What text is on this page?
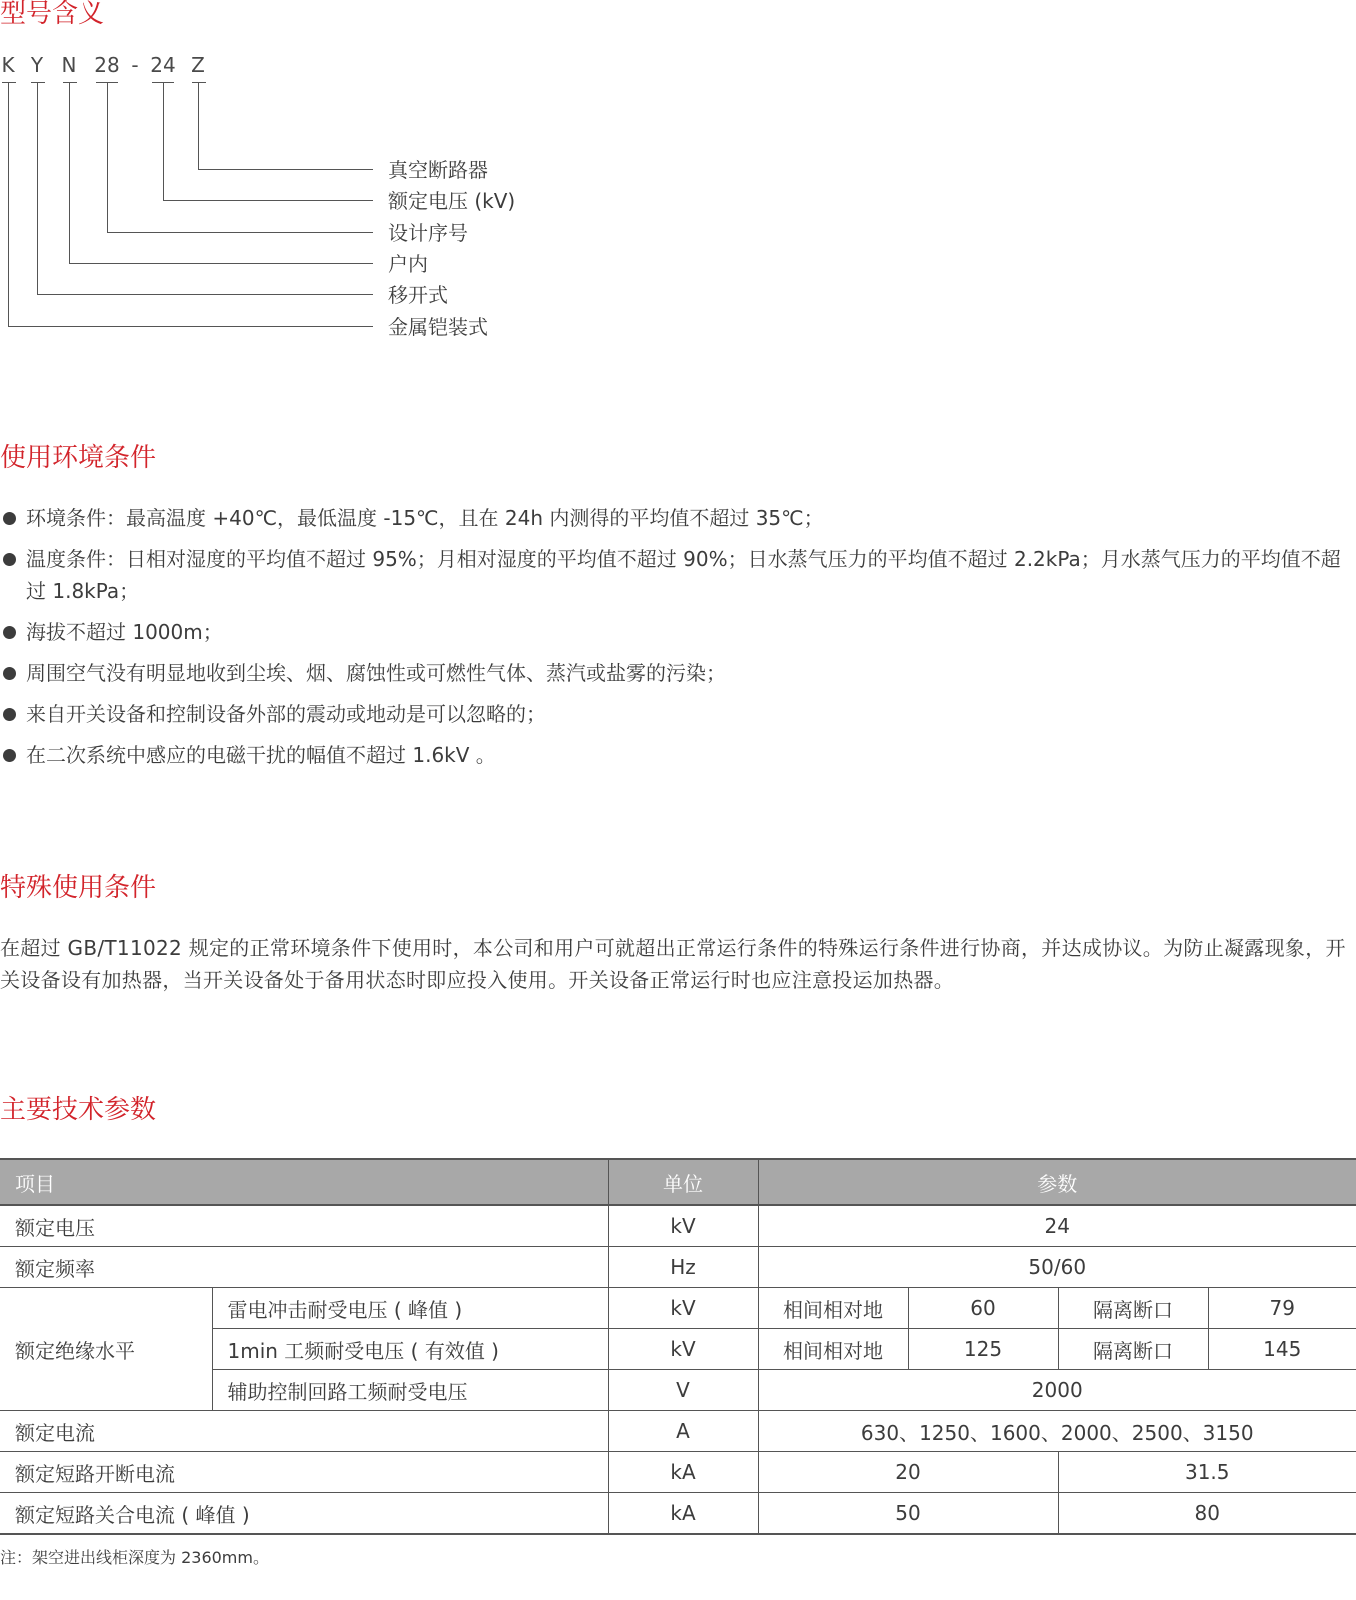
型号含义
K Y N 28 - 24 Z
真空断路器
额定电压 (kV)
设计序号
户内
移开式
金属铠装式
使用环境条件
环境条件：最高温度 +40℃，最低温度 -15℃，且在 24h 内测得的平均值不超过 35℃；
温度条件：日相对湿度的平均值不超过 95%；月相对湿度的平均值不超过 90%；日水蒸气压力的平均值不超过 2.2kPa；月水蒸气压力的平均值不超过 1.8kPa；
海拔不超过 1000m；
周围空气没有明显地收到尘埃、烟、腐蚀性或可燃性气体、蒸汽或盐雾的污染；
来自开关设备和控制设备外部的震动或地动是可以忽略的；
在二次系统中感应的电磁干扰的幅值不超过 1.6kV 。
特殊使用条件

在超过 GB/T11022 规定的正常环境条件下使用时，本公司和用户可就超出正常运行条件的特殊运行条件进行协商，并达成协议。为防止凝露现象，开关设备设有加热器，当开关设备处于备用状态时即应投入使用。开关设备正常运行时也应注意投运加热器。

主要技术参数
项目		单位	参数			
额定电压		kV	24			
额定频率		Hz	50/60			
额定绝缘水平	雷电冲击耐受电压 ( 峰值 )	kV	相间相对地	60	隔离断口	79
	1min 工频耐受电压 ( 有效值 )	kV	相间相对地	125	隔离断口	145
	辅助控制回路工频耐受电压	V	2000			
额定电流		A	630、1250、1600、2000、2500、3150			
额定短路开断电流		kA	20		31.5	
额定短路关合电流 ( 峰值 )		kA	50		80	
注：架空进出线柜深度为 2360mm。
